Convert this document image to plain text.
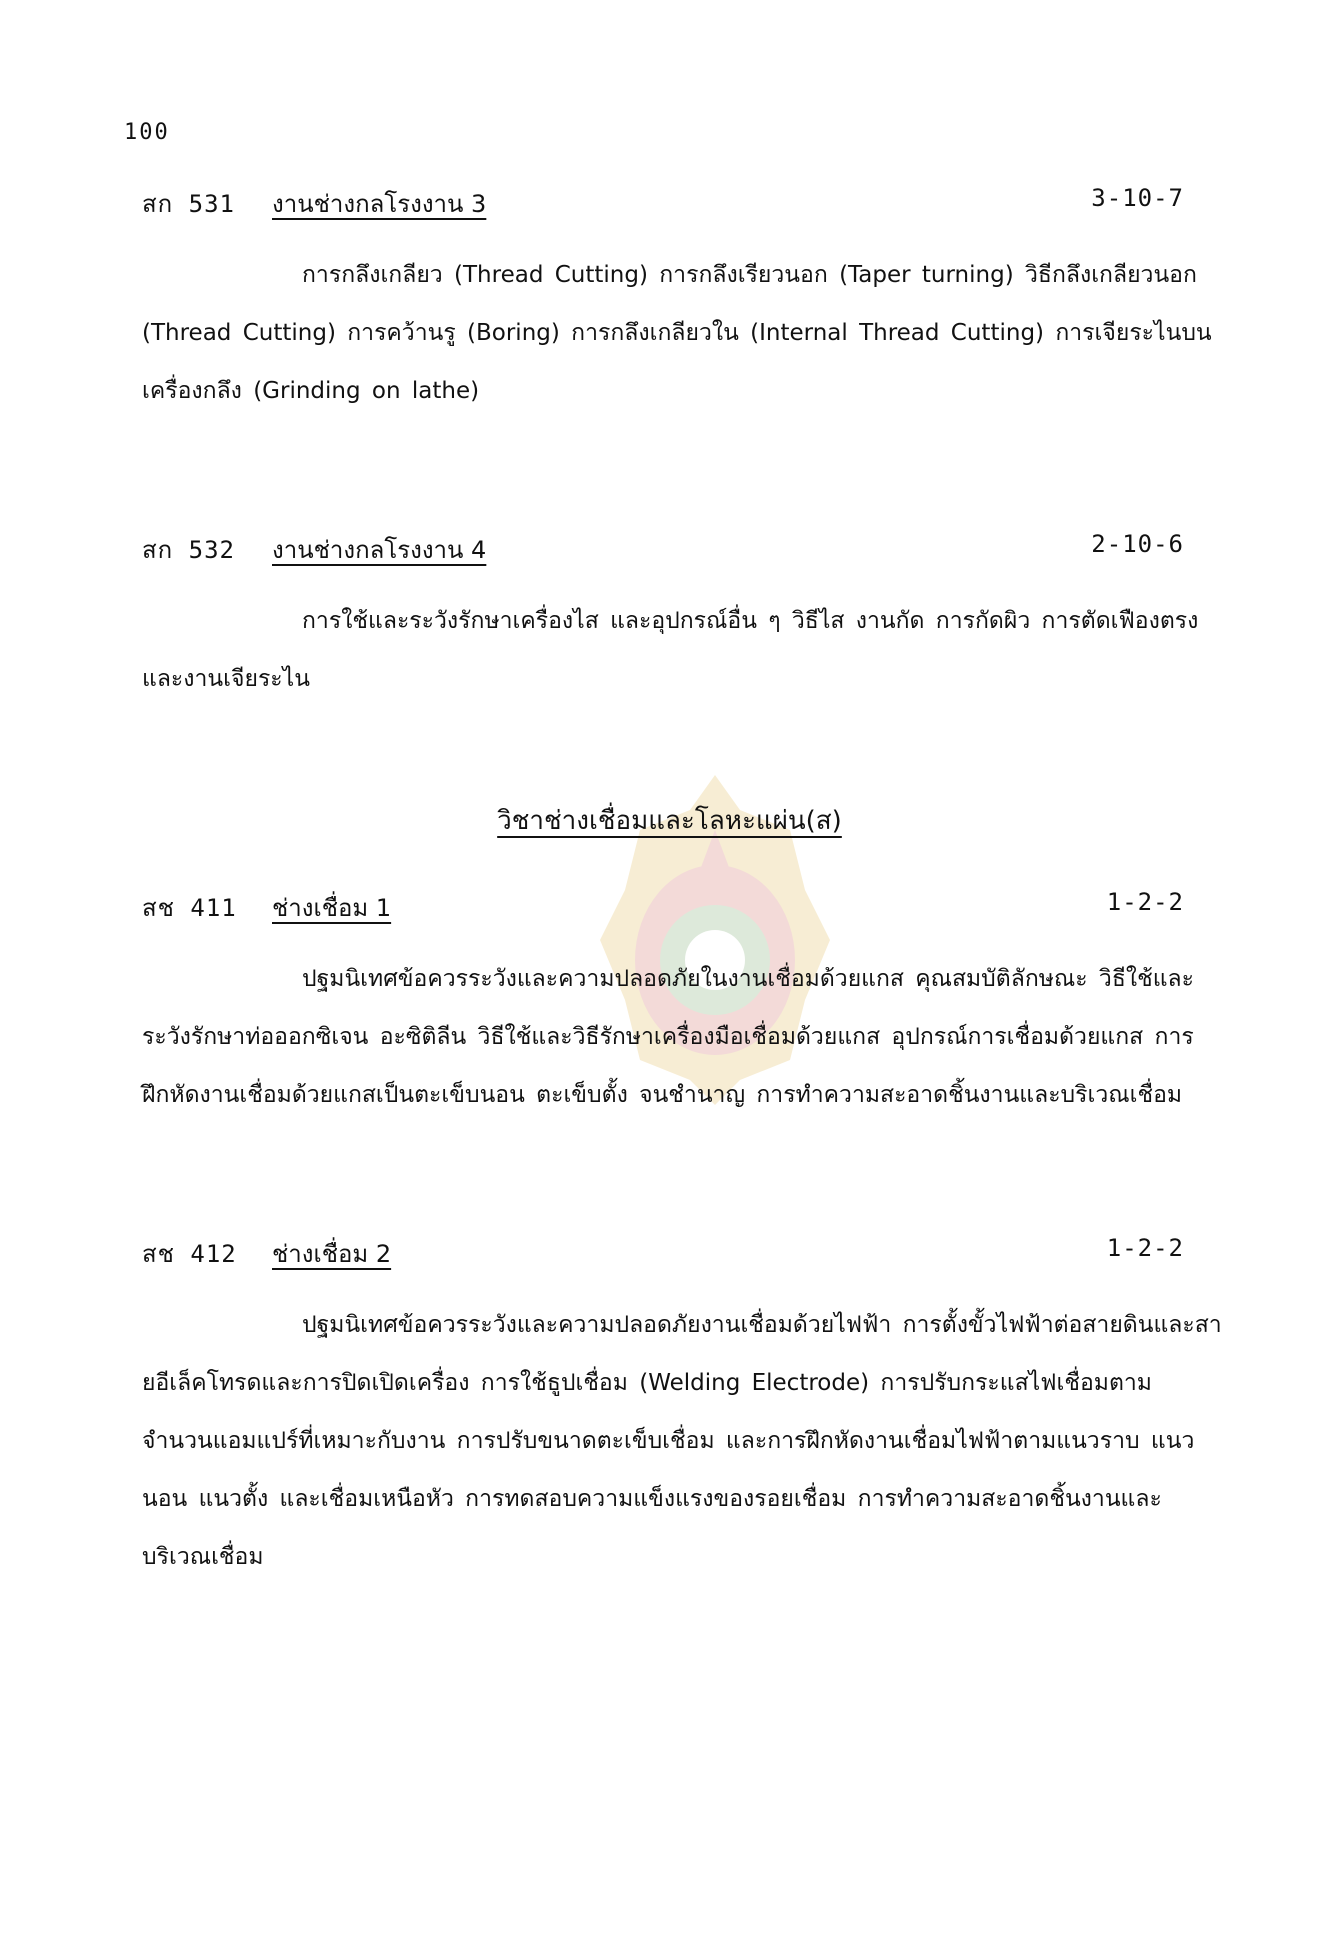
100
สก 531 งานช่างกลโรงงาน 3	3-10-7
การกลึงเกลียว (Thread Cutting) การกลึงเรียวนอก (Taper turning) วิธีกลึงเกลียวนอก (Thread Cutting) การคว้านรู (Boring) การกลึงเกลียวใน (Internal Thread Cutting) การเจียระไนบนเครื่องกลึง (Grinding on lathe)
สก 532 งานช่างกลโรงงาน 4	2-10-6
การใช้และระวังรักษาเครื่องไส และอุปกรณ์อื่น ๆ วิธีไส งานกัด การกัดผิว การตัดเฟืองตรง และงานเจียระไน
วิชาช่างเชื่อมและโลหะแผ่น(ส)
สช 411 ช่างเชื่อม 1	1-2-2
ปฐมนิเทศข้อควรระวังและความปลอดภัยในงานเชื่อมด้วยแกส คุณสมบัติลักษณะ วิธีใช้และระวังรักษาท่อออกซิเจน อะซิติลีน วิธีใช้และวิธีรักษาเครื่องมือเชื่อมด้วยแกส อุปกรณ์การเชื่อมด้วยแกส การฝึกหัดงานเชื่อมด้วยแกสเป็นตะเข็บนอน ตะเข็บตั้ง จนชำนาญ การทำความสะอาดชิ้นงานและบริเวณเชื่อม
สช 412 ช่างเชื่อม 2	1-2-2
ปฐมนิเทศข้อควรระวังและความปลอดภัยงานเชื่อมด้วยไฟฟ้า การตั้งขั้วไฟฟ้าต่อสายดินและสายอีเล็คโทรดและการปิดเปิดเครื่อง การใช้ธูปเชื่อม (Welding Electrode) การปรับกระแสไฟเชื่อมตามจำนวนแอมแปร์ที่เหมาะกับงาน การปรับขนาดตะเข็บเชื่อม และการฝึกหัดงานเชื่อมไฟฟ้าตามแนวราบ แนวนอน แนวตั้ง และเชื่อมเหนือหัว การทดสอบความแข็งแรงของรอยเชื่อม การทำความสะอาดชิ้นงานและบริเวณเชื่อม
